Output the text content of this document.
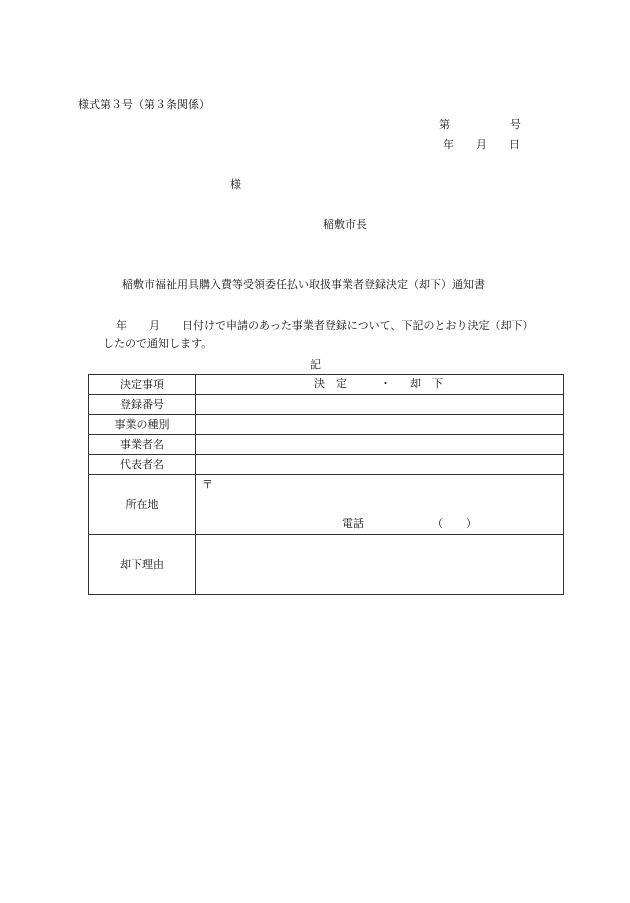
様式第３号（第３条関係）
第	号
年 月 日
様
稲敷市長
稲敷市福祉用具購入費等受領委任払い取扱事業者登録決定（却下）通知書
年 月 日付けで申請のあった事業者登録について、下記のとおり決定（却下）
したので通知します。
記
決定事項	決　定 ・ 却　下

登録番号	
事業の種別	
事業者名	
代表者名	
所在地	〒
電話 （ ）

却下理由	
